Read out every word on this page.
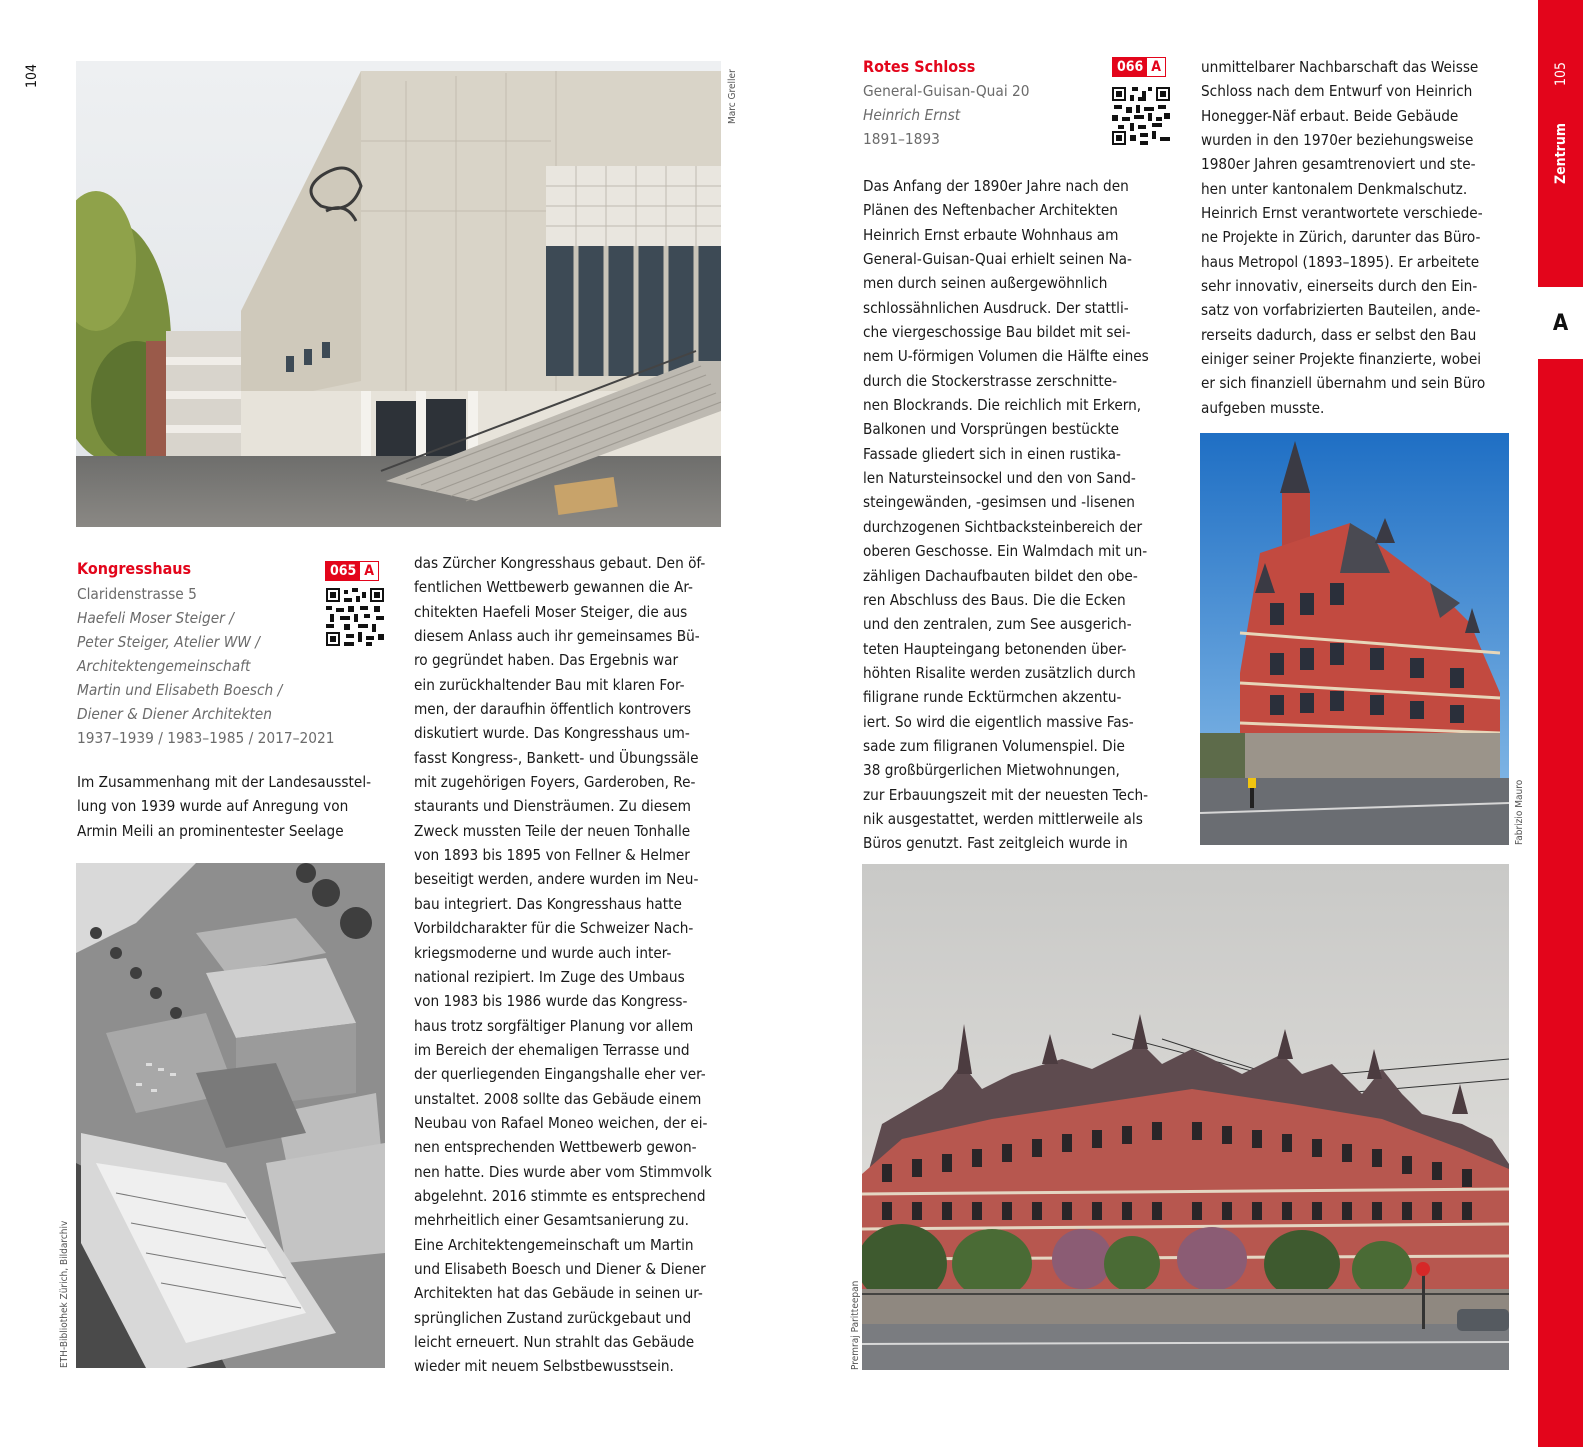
104	Marc Greller
Kongresshaus	065 A
Claridenstrasse 5
Haefeli Moser Steiger /
Peter Steiger, Atelier WW /
Architektengemeinschaft
Martin und Elisabeth Boesch /
Diener & Diener Architekten
1937–1939 / 1983–1985 / 2017–2021
Im Zusammenhang mit der Landesausstel-
lung von 1939 wurde auf Anregung von
Armin Meili an prominentester Seelage
ETH-Bibliothek Zürich, Bildarchiv
das Zürcher Kongresshaus gebaut. Den öf-
fentlichen Wettbewerb gewannen die Ar-
chitekten Haefeli Moser Steiger, die aus
diesem Anlass auch ihr gemeinsames Bü-
ro gegründet haben. Das Ergebnis war
ein zurückhaltender Bau mit klaren For-
men, der daraufhin öffentlich kontrovers
diskutiert wurde. Das Kongresshaus um-
fasst Kongress-, Bankett- und Übungssäle
mit zugehörigen Foyers, Garderoben, Re-
staurants und Diensträumen. Zu diesem
Zweck mussten Teile der neuen Tonhalle
von 1893 bis 1895 von Fellner & Helmer
beseitigt werden, andere wurden im Neu-
bau integriert. Das Kongresshaus hatte
Vorbildcharakter für die Schweizer Nach-
kriegsmoderne und wurde auch inter-
national rezipiert. Im Zuge des Umbaus
von 1983 bis 1986 wurde das Kongress-
haus trotz sorgfältiger Planung vor allem
im Bereich der ehemaligen Terrasse und
der querliegenden Eingangshalle eher ver-
unstaltet. 2008 sollte das Gebäude einem
Neubau von Rafael Moneo weichen, der ei-
nen entsprechenden Wettbewerb gewon-
nen hatte. Dies wurde aber vom Stimmvolk
abgelehnt. 2016 stimmte es entsprechend
mehrheitlich einer Gesamtsanierung zu.
Eine Architektengemeinschaft um Martin
und Elisabeth Boesch und Diener & Diener
Architekten hat das Gebäude in seinen ur-
sprünglichen Zustand zurückgebaut und
leicht erneuert. Nun strahlt das Gebäude
wieder mit neuem Selbstbewusstsein.
Rotes Schloss	066 A
General-Guisan-Quai 20
Heinrich Ernst
1891–1893
Das Anfang der 1890er Jahre nach den
Plänen des Neftenbacher Architekten
Heinrich Ernst erbaute Wohnhaus am
General-Guisan-Quai erhielt seinen Na-
men durch seinen außergewöhnlich
schlossähnlichen Ausdruck. Der stattli-
che viergeschossige Bau bildet mit sei-
nem U-förmigen Volumen die Hälfte eines
durch die Stockerstrasse zerschnitte-
nen Blockrands. Die reichlich mit Erkern,
Balkonen und Vorsprüngen bestückte
Fassade gliedert sich in einen rustika-
len Natursteinsockel und den von Sand-
steingewänden, -gesimsen und -lisenen
durchzogenen Sichtbacksteinbereich der
oberen Geschosse. Ein Walmdach mit un-
zähligen Dachaufbauten bildet den obe-
ren Abschluss des Baus. Die die Ecken
und den zentralen, zum See ausgerich-
teten Haupteingang betonenden über-
höhten Risalite werden zusätzlich durch
filigrane runde Ecktürmchen akzentu-
iert. So wird die eigentlich massive Fas-
sade zum filigranen Volumenspiel. Die
38 großbürgerlichen Mietwohnungen,
zur Erbauungszeit mit der neuesten Tech-
nik ausgestattet, werden mittlerweile als
Büros genutzt. Fast zeitgleich wurde in
unmittelbarer Nachbarschaft das Weisse
Schloss nach dem Entwurf von Heinrich
Honegger-Näf erbaut. Beide Gebäude
wurden in den 1970er beziehungsweise
1980er Jahren gesamtrenoviert und ste-
hen unter kantonalem Denkmalschutz.
Heinrich Ernst verantwortete verschiede-
ne Projekte in Zürich, darunter das Büro-
haus Metropol (1893–1895). Er arbeitete
sehr innovativ, einerseits durch den Ein-
satz von vorfabrizierten Bauteilen, ande-
rerseits dadurch, dass er selbst den Bau
einiger seiner Projekte finanzierte, wobei
er sich finanziell übernahm und sein Büro
aufgeben musste.
Fabrizio Mauro
Premraj Paritteepan
A
105
Zentrum
